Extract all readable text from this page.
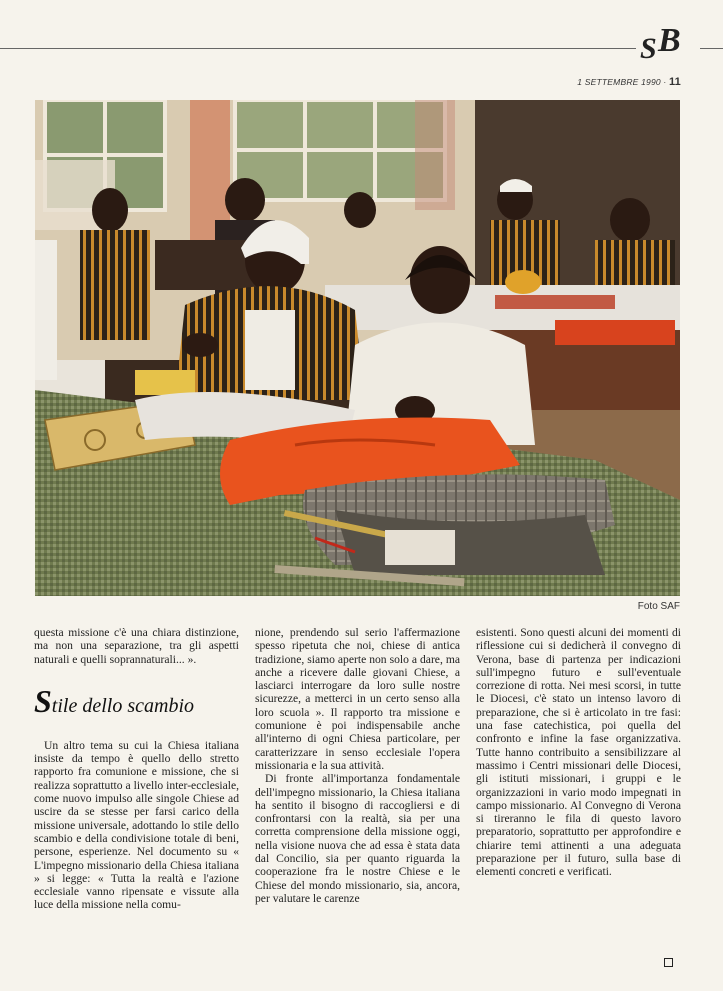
S B
1 SETTEMBRE 1990 · 11
Foto SAF

questa missione c'è una chiara distinzione, ma non una separazione, tra gli aspetti naturali e quelli soprannaturali... ».

Stile dello scambio

Un altro tema su cui la Chiesa italiana insiste da tempo è quello dello stretto rapporto fra comunione e missione, che si realizza soprattutto a livello inter-ecclesiale, come nuovo impulso alle singole Chiese ad uscire da se stesse per farsi carico della missione universale, adottando lo stile dello scambio e della condivisione totale di beni, persone, esperienze. Nel documento su « L'impegno missionario della Chiesa italiana » si legge: « Tutta la realtà e l'azione ecclesiale vanno ripensate e vissute alla luce della missione nella comu-

nione, prendendo sul serio l'affermazione spesso ripetuta che noi, chiese di antica tradizione, siamo aperte non solo a dare, ma anche a ricevere dalle giovani Chiese, a lasciarci interrogare da loro sulle nostre sicurezze, a metterci in un certo senso alla loro scuola ». Il rapporto tra missione e comunione è poi indispensabile anche all'interno di ogni Chiesa particolare, per caratterizzare in senso ecclesiale l'opera missionaria e la sua attività.

Di fronte all'importanza fondamentale dell'impegno missionario, la Chiesa italiana ha sentito il bisogno di raccogliersi e di confrontarsi con la realtà, sia per una corretta comprensione della missione oggi, nella visione nuova che ad essa è stata data dal Concilio, sia per quanto riguarda la cooperazione fra le nostre Chiese e le Chiese del mondo missionario, sia, ancora, per valutare le carenze

esistenti. Sono questi alcuni dei momenti di riflessione cui si dedicherà il convegno di Verona, base di partenza per indicazioni sull'impegno futuro e sull'eventuale correzione di rotta. Nei mesi scorsi, in tutte le Diocesi, c'è stato un intenso lavoro di preparazione, che si è articolato in tre fasi: una fase catechistica, poi quella del confronto e infine la fase organizzativa. Tutte hanno contribuito a sensibilizzare al massimo i Centri missionari delle Diocesi, gli istituti missionari, i gruppi e le organizzazioni in vario modo impegnati in campo missionario. Al Convegno di Verona si tireranno le fila di questo lavoro preparatorio, soprattutto per approfondire e chiarire temi attinenti a una adeguata preparazione per il futuro, sulla base di elementi concreti e verificati.
